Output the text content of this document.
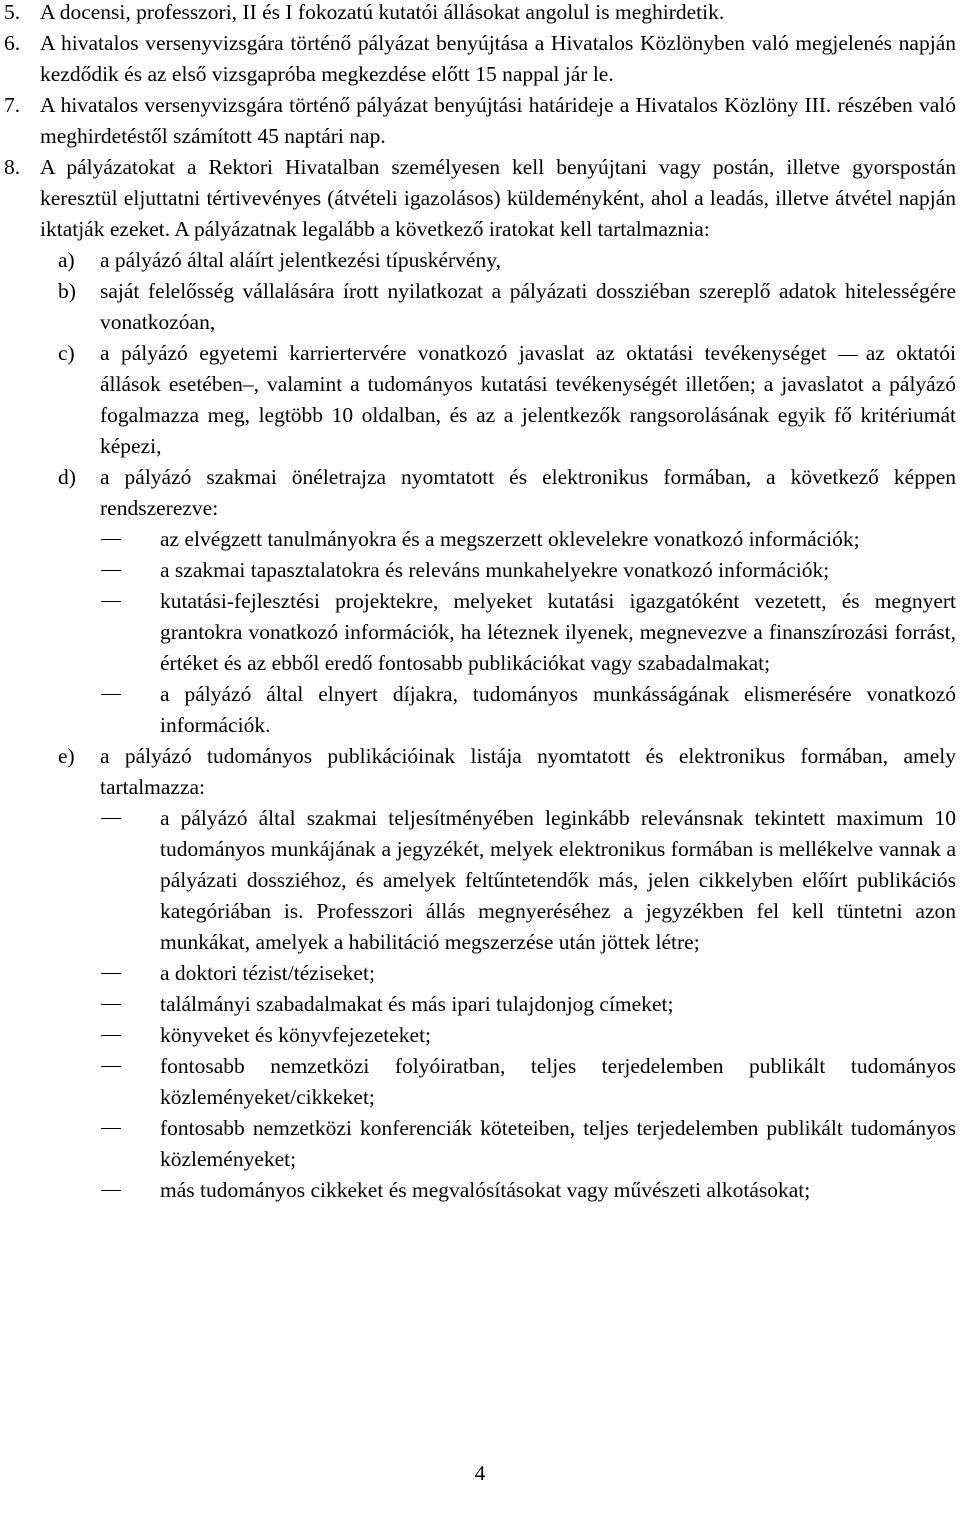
5. A docensi, professzori, II és I fokozatú kutatói állásokat angolul is meghirdetik.
6. A hivatalos versenyvizsgára történő pályázat benyújtása a Hivatalos Közlönyben való megjelenés napján kezdődik és az első vizsgapróba megkezdése előtt 15 nappal jár le.
7. A hivatalos versenyvizsgára történő pályázat benyújtási határideje a Hivatalos Közlöny III. részében való meghirdetéstől számított 45 naptári nap.
8. A pályázatokat a Rektori Hivatalban személyesen kell benyújtani vagy postán, illetve gyorspostán keresztül eljuttatni tértivevényes (átvételi igazolásos) küldeményként, ahol a leadás, illetve átvétel napján iktatják ezeket. A pályázatnak legalább a következő iratokat kell tartalmaznia:
a) a pályázó által aláírt jelentkezési típuskérvény,
b) saját felelősség vállalására írott nyilatkozat a pályázati dossziéban szereplő adatok hitelességére vonatkozóan,
c) a pályázó egyetemi karriertervére vonatkozó javaslat az oktatási tevékenységet az oktatói állások esetében–, valamint a tudományos kutatási tevékenységét illetően; a javaslatot a pályázó fogalmazza meg, legtöbb 10 oldalban, és az a jelentkezők rangsorolásának egyik fő kritériumát képezi,
d) a pályázó szakmai önéletrajza nyomtatott és elektronikus formában, a következő képpen rendszerezve:
az elvégzett tanulmányokra és a megszerzett oklevelekre vonatkozó információk;
a szakmai tapasztalatokra és releváns munkahelyekre vonatkozó információk;
kutatási-fejlesztési projektekre, melyeket kutatási igazgatóként vezetett, és megnyert grantokra vonatkozó információk, ha léteznek ilyenek, megnevezve a finanszírozási forrást, értéket és az ebből eredő fontosabb publikációkat vagy szabadalmakat;
a pályázó által elnyert díjakra, tudományos munkásságának elismerésére vonatkozó információk.
e) a pályázó tudományos publikációinak listája nyomtatott és elektronikus formában, amely tartalmazza:
a pályázó által szakmai teljesítményében leginkább relevánsnak tekintett maximum 10 tudományos munkájának a jegyzékét, melyek elektronikus formában is mellékelve vannak a pályázati dossziéhoz, és amelyek feltűntetendők más, jelen cikkelyben előírt publikációs kategóriában is. Professzori állás megnyeréséhez a jegyzékben fel kell tüntetni azon munkákat, amelyek a habilitáció megszerzése után jöttek létre;
a doktori tézist/téziseket;
találmányi szabadalmakat és más ipari tulajdonjog címeket;
könyveket és könyvfejezeteket;
fontosabb nemzetközi folyóiratban, teljes terjedelemben publikált tudományos közleményeket/cikkeket;
fontosabb nemzetközi konferenciák köteteiben, teljes terjedelemben publikált tudományos közleményeket;
más tudományos cikkeket és megvalósításokat vagy művészeti alkotásokat;
4
